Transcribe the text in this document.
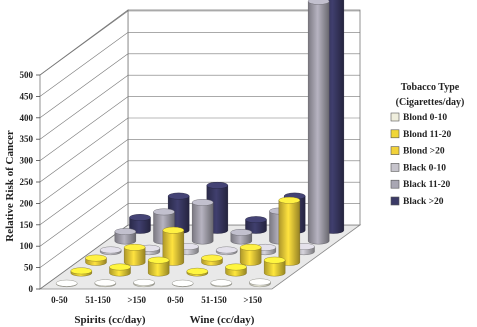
0
50
100
150
200
250
300
350
400
450
500
0-50 51-150 >150 0-50 51-150 >150
Relative Risk of Cancer
Spirits (cc/day)	Wine (cc/day)
Tobacco Type
(Cigarettes/day)
Blond 0-10
Blond 11-20
Blond >20
Black 0-10
Black 11-20
Black >20
